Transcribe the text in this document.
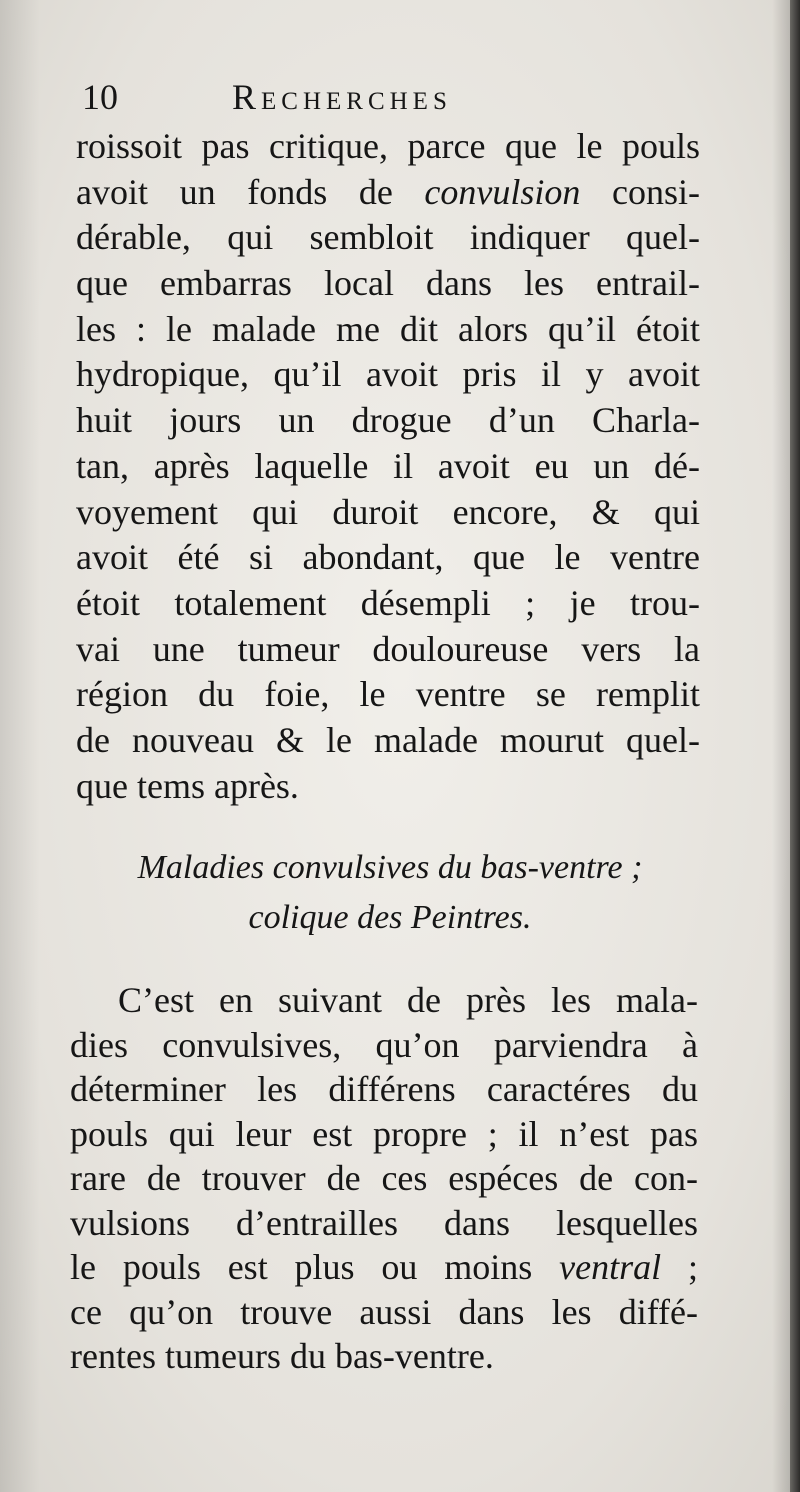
10	Recherches
roissoit pas critique, parce que le pouls
avoit un fonds de convulsion consi-
dérable, qui sembloit indiquer quel-
que embarras local dans les entrail-
les : le malade me dit alors qu’il étoit
hydropique, qu’il avoit pris il y avoit
huit jours un drogue d’un Charla-
tan, après laquelle il avoit eu un dé-
voyement qui duroit encore, & qui
avoit été si abondant, que le ventre
étoit totalement désempli ; je trou-
vai une tumeur douloureuse vers la
région du foie, le ventre se remplit
de nouveau & le malade mourut quel-
que tems après.
Maladies convulsives du bas-ventre ;
colique des Peintres.
C’est en suivant de près les mala-
dies convulsives, qu’on parviendra à
déterminer les différens caractéres du
pouls qui leur est propre ; il n’est pas
rare de trouver de ces espéces de con-
vulsions d’entrailles dans lesquelles
le pouls est plus ou moins ventral ;
ce qu’on trouve aussi dans les diffé-
rentes tumeurs du bas-ventre.
